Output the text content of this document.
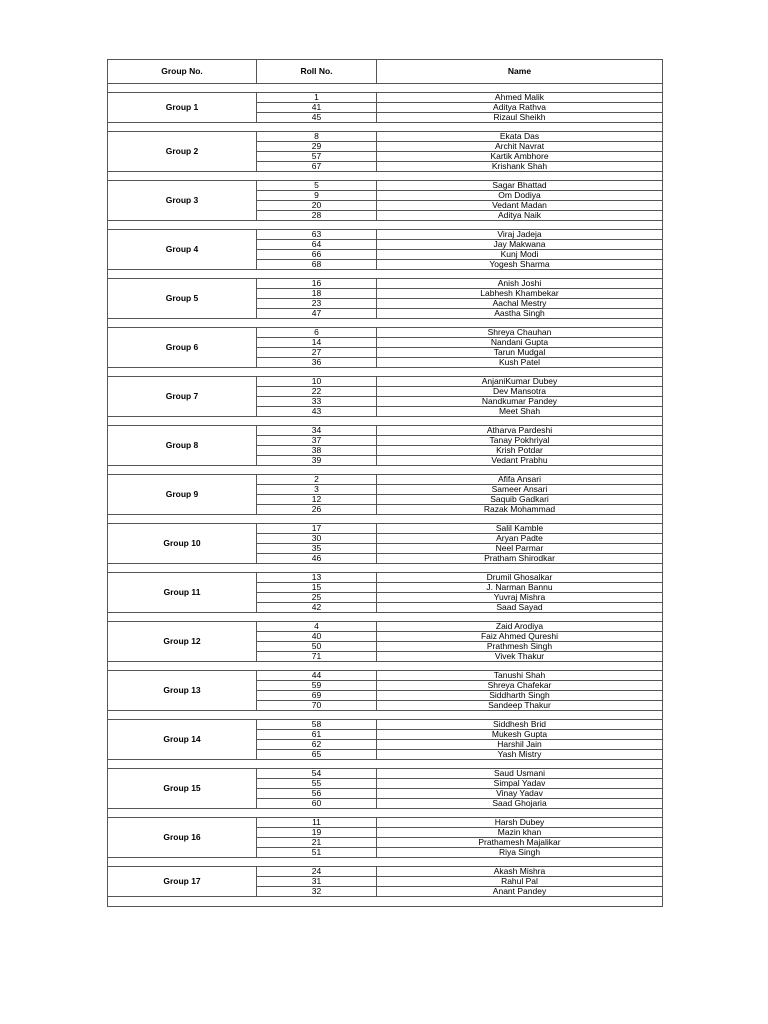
Group No.	Roll No.	Name

Group 1	1	Ahmed Malik
	41	Aditya Rathva
	45	Rizaul Sheikh

Group 2	8	Ekata Das
	29	Archit Navrat
	57	Kartik Ambhore
	67	Krishank Shah

Group 3	5	Sagar Bhattad
	9	Om Dodiya
	20	Vedant Madan
	28	Aditya Naik

Group 4	63	Viraj Jadeja
	64	Jay Makwana
	66	Kunj Modi
	68	Yogesh Sharma

Group 5	16	Anish Joshi
	18	Labhesh Khambekar
	23	Aachal Mestry
	47	Aastha Singh

Group 6	6	Shreya Chauhan
	14	Nandani Gupta
	27	Tarun Mudgal
	36	Kush Patel

Group 7	10	AnjaniKumar Dubey
	22	Dev Mansotra
	33	Nandkumar Pandey
	43	Meet Shah

Group 8	34	Atharva Pardeshi
	37	Tanay Pokhriyal
	38	Krish Potdar
	39	Vedant Prabhu

Group 9	2	Afifa Ansari
	3	Sameer Ansari
	12	Saquib Gadkari
	26	Razak Mohammad

Group 10	17	Salil Kamble
	30	Aryan Padte
	35	Neel Parmar
	46	Pratham Shirodkar

Group 11	13	Drumil Ghosalkar
	15	J. Narman Bannu
	25	Yuvraj Mishra
	42	Saad Sayad

Group 12	4	Zaid Arodiya
	40	Faiz Ahmed Qureshi
	50	Prathmesh Singh
	71	Vivek Thakur

Group 13	44	Tanushi Shah
	59	Shreya Chafekar
	69	Siddharth Singh
	70	Sandeep Thakur

Group 14	58	Siddhesh Brid
	61	Mukesh Gupta
	62	Harshil Jain
	65	Yash Mistry

Group 15	54	Saud Usmani
	55	Simpal Yadav
	56	Vinay Yadav
	60	Saad Ghojaria

Group 16	11	Harsh Dubey
	19	Mazin khan
	21	Prathamesh Majalikar
	51	Riya Singh

Group 17	24	Akash Mishra
	31	Rahul Pal
	32	Anant Pandey
